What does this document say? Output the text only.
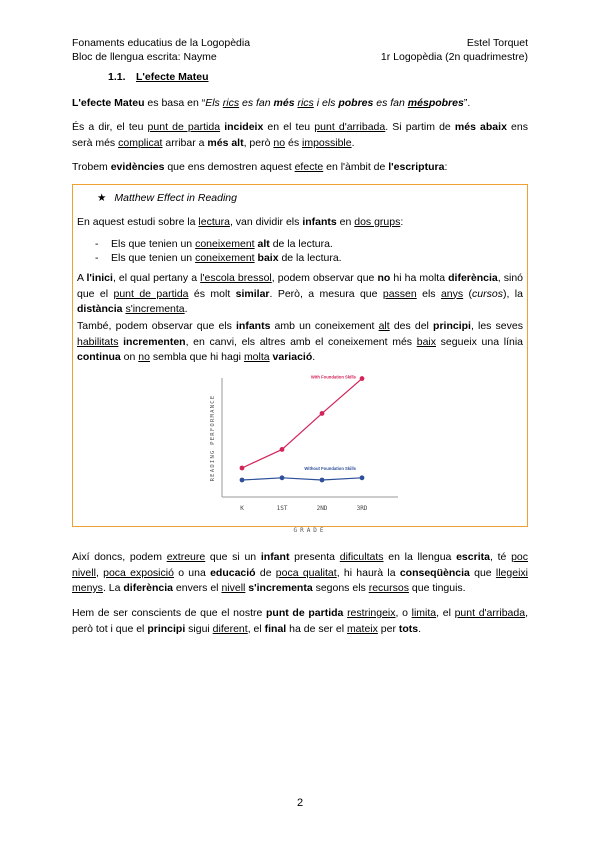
Fonaments educatius de la Logopèdia	Estel Torquet
Bloc de llengua escrita: Nayme	1r Logopèdia (2n quadrimestre)
1.1. L'efecte Mateu
L'efecte Mateu es basa en “Els rics es fan més rics i els pobres es fan méspobres”.
És a dir, el teu punt de partida incideix en el teu punt d'arribada. Si partim de més abaix ens serà més complicat arribar a més alt, però no és impossible.
Trobem evidències que ens demostren aquest efecte en l'àmbit de l'escriptura:
★ Matthew Effect in Reading
En aquest estudi sobre la lectura, van dividir els infants en dos grups:
- Els que tenien un coneixement alt de la lectura.
- Els que tenien un coneixement baix de la lectura.
A l'inici, el qual pertany a l'escola bressol, podem observar que no hi ha molta diferència, sinó que el punt de partida és molt similar. Però, a mesura que passen els anys (cursos), la distància s'incrementa.
També, podem observar que els infants amb un coneixement alt des del principi, les seves habilitats incrementen, en canvi, els altres amb el coneixement més baix segueix una línia continua on no sembla que hi hagi molta variació.
READING PERFORMANCE
GRADE
With Foundation Skills
Without Foundation Skills
K	1ST	2ND	3RD
Així doncs, podem extreure que si un infant presenta dificultats en la llengua escrita, té poc nivell, poca exposició o una educació de poca qualitat, hi haurà la conseqüència que llegeixi menys. La diferència envers el nivell s'incrementa segons els recursos que tinguis.
Hem de ser conscients de que el nostre punt de partida restringeix, o limita, el punt d'arribada, però tot i que el principi sigui diferent, el final ha de ser el mateix per tots.
2
